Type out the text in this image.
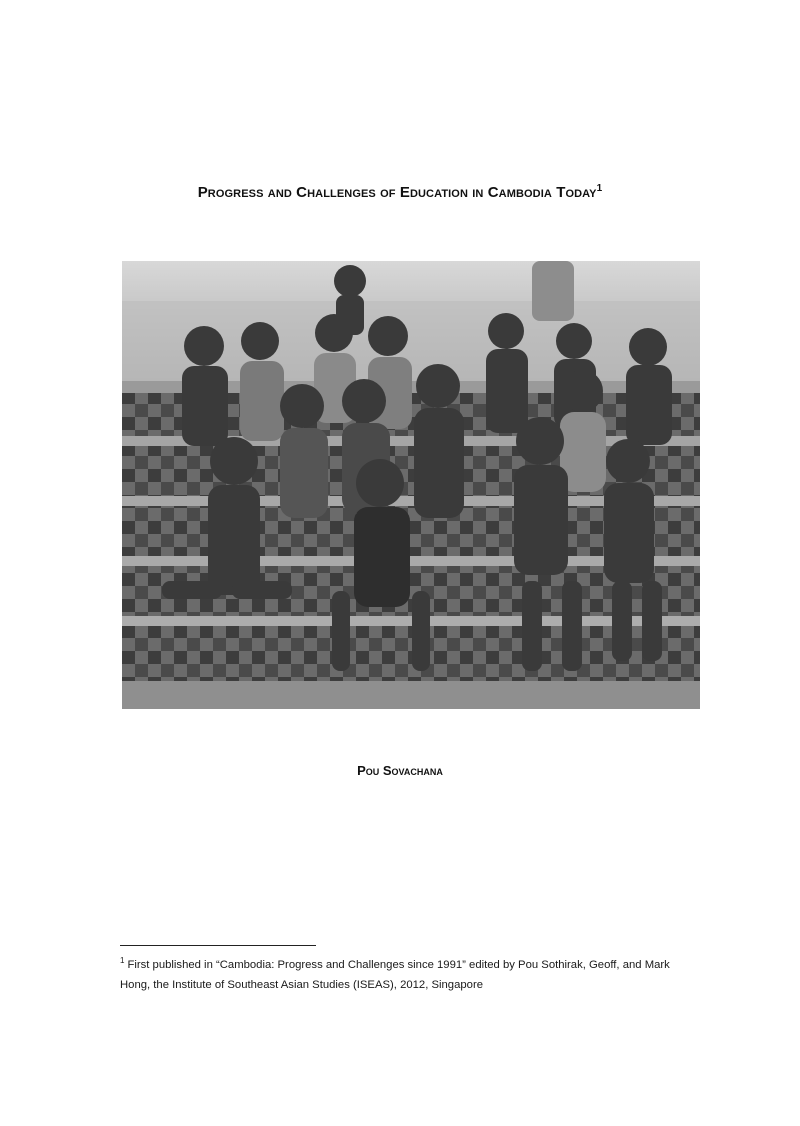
Progress and Challenges of Education in Cambodia Today$^1$
Pou Sovachana
$^1$ First published in “Cambodia: Progress and Challenges since 1991” edited by Pou Sothirak, Geoff, and Mark Hong, the Institute of Southeast Asian Studies (ISEAS), 2012, Singapore
